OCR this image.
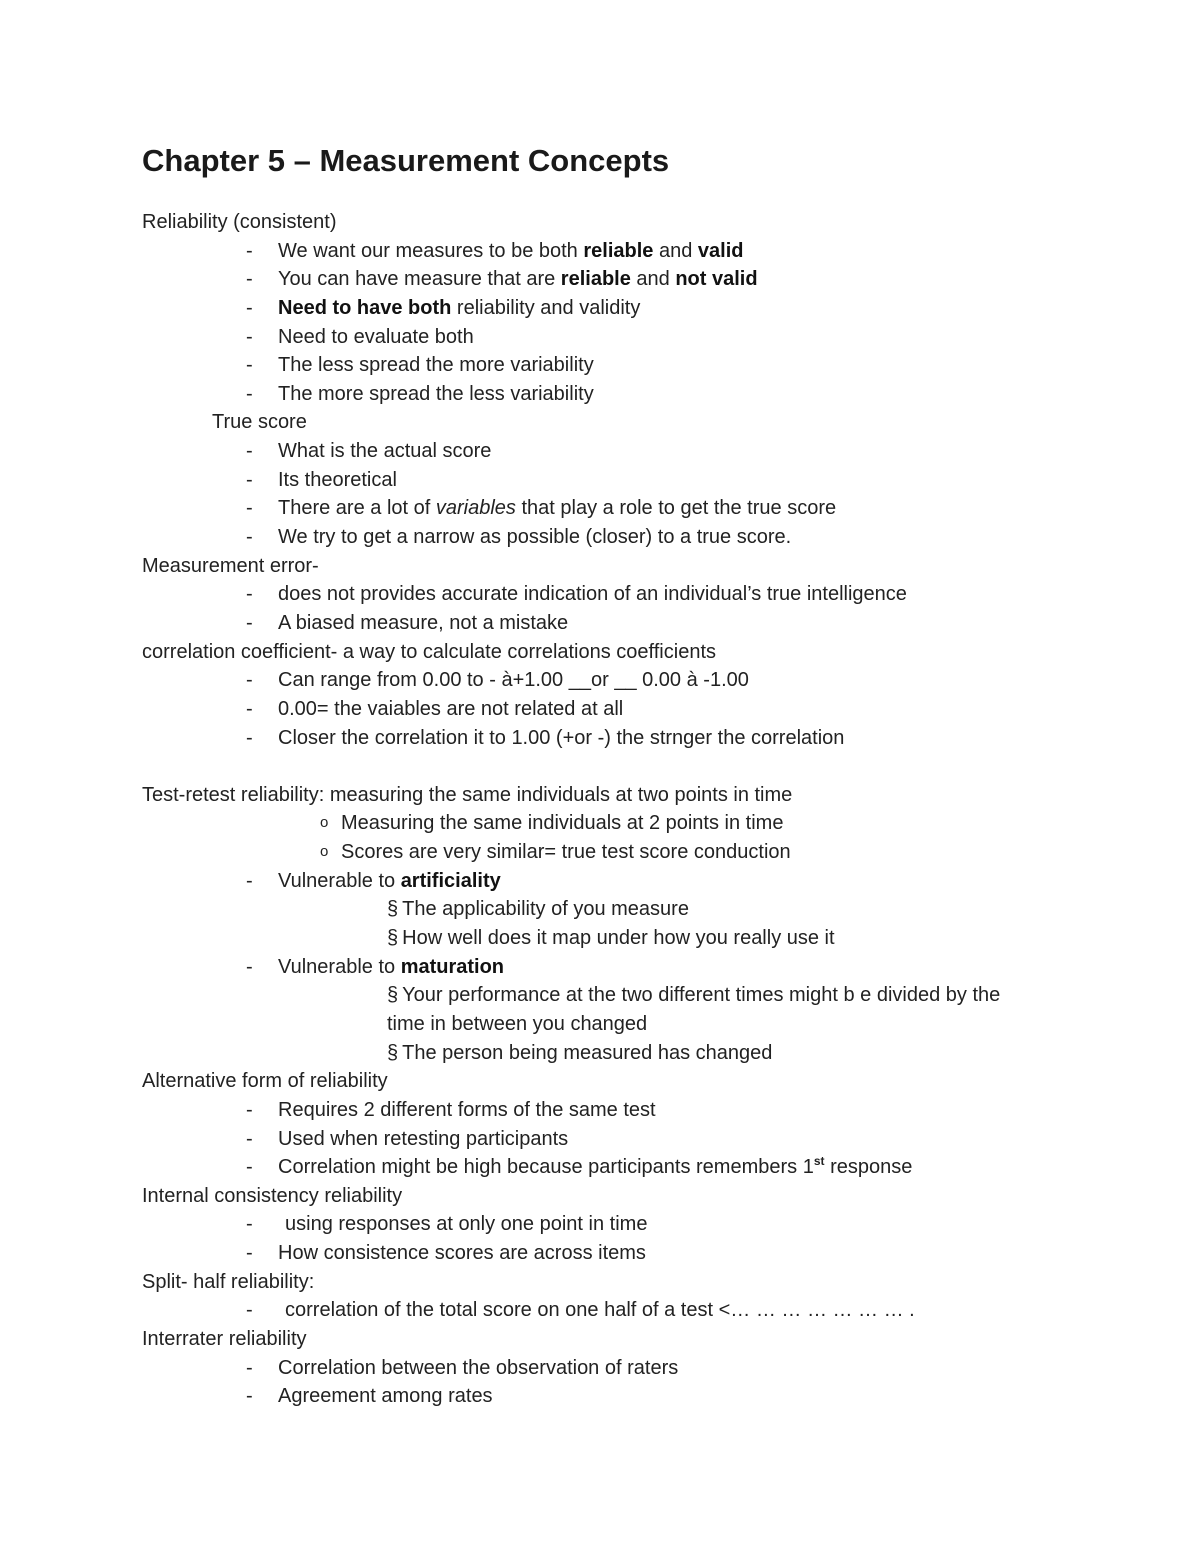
Chapter 5 – Measurement Concepts
Reliability (consistent)
- We want our measures to be both reliable and valid
- You can have measure that are reliable and not valid
- Need to have both reliability and validity
- Need to evaluate both
- The less spread the more variability
- The more spread the less variability
True score
- What is the actual score
- Its theoretical
- There are a lot of variables that play a role to get the true score
- We try to get a narrow as possible (closer) to a true score.
Measurement error-
- does not provides accurate indication of an individual’s true intelligence
- A biased measure, not a mistake
correlation coefficient- a way to calculate correlations coefficients
- Can range from 0.00 to - à+1.00 __or __ 0.00 à -1.00
- 0.00= the vaiables are not related at all
- Closer the correlation it to 1.00 (+or -) the strnger the correlation
Test-retest reliability: measuring the same individuals at two points in time
o Measuring the same individuals at 2 points in time
o Scores are very similar= true test score conduction
- Vulnerable to artificiality
§ The applicability of you measure
§ How well does it map under how you really use it
- Vulnerable to maturation
§ Your performance at the two different times might b e divided by the
time in between you changed
§ The person being measured has changed
Alternative form of reliability
- Requires 2 different forms of the same test
- Used when retesting participants
- Correlation might be high because participants remembers 1st response
Internal consistency reliability
- using responses at only one point in time
- How consistence scores are across items
Split- half reliability:
- correlation of the total score on one half of a test <… … … … … … … .
Interrater reliability
- Correlation between the observation of raters
- Agreement among rates
